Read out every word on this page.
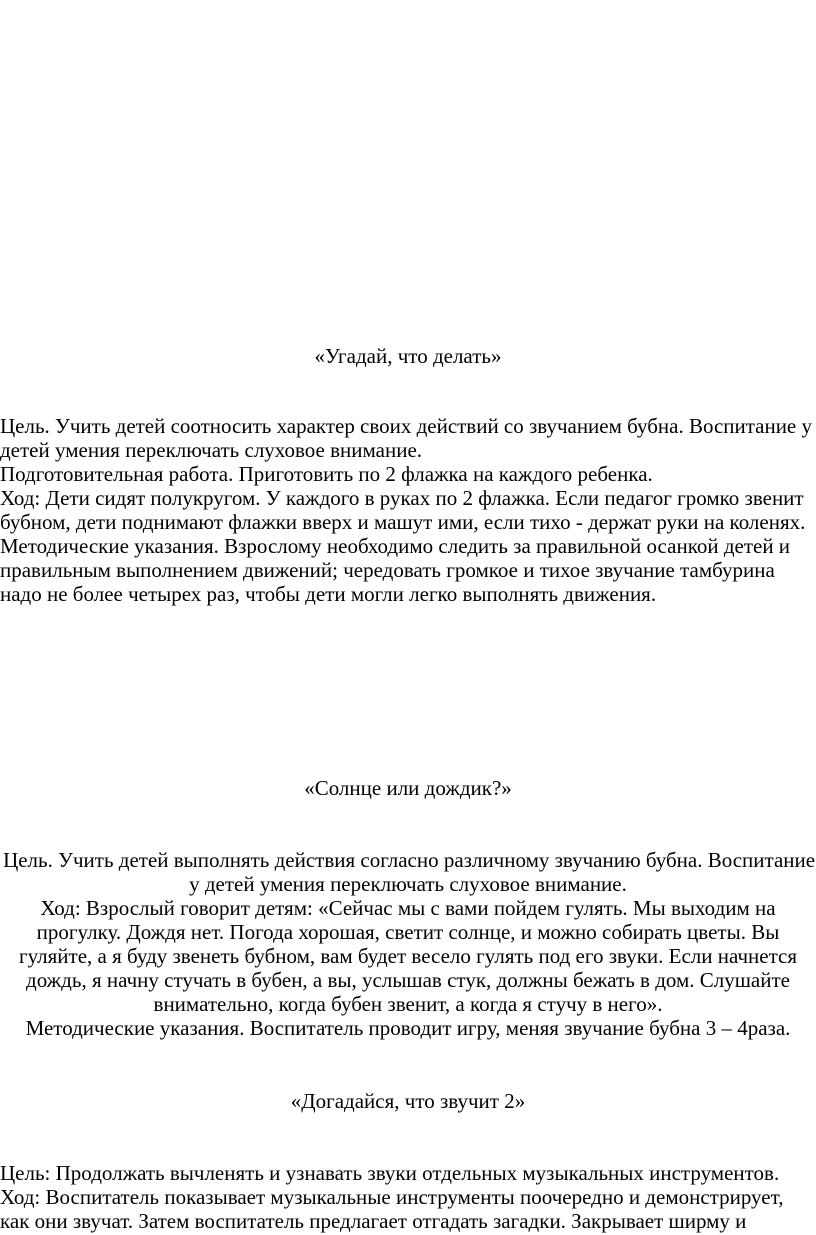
«Угадай, что делать»
Цель. Учить детей соотносить характер своих действий со звучанием бубна. Воспитание у
детей умения переключать слуховое внимание.
Подготовительная работа. Приготовить по 2 флажка на каждого ребенка.
Ход: Дети сидят полукругом. У каждого в руках по 2 флажка. Если педагог громко звенит
бубном, дети поднимают флажки вверх и машут ими, если тихо - держат руки на коленях.
Методические указания. Взрослому необходимо следить за правильной осанкой детей и
правильным выполнением движений; чередовать громкое и тихое звучание тамбурина
надо не более четырех раз, чтобы дети могли легко выполнять движения.
«Солнце или дождик?»
Цель. Учить детей выполнять действия согласно различному звучанию бубна. Воспитание
у детей умения переключать слуховое внимание.
Ход: Взрослый говорит детям: «Сейчас мы с вами пойдем гулять. Мы выходим на
прогулку. Дождя нет. Погода хорошая, светит солнце, и можно собирать цветы. Вы
гуляйте, а я буду звенеть бубном, вам будет весело гулять под его звуки. Если начнется
дождь, я начну стучать в бубен, а вы, услышав стук, должны бежать в дом. Слушайте
внимательно, когда бубен звенит, а когда я стучу в него».
Методические указания. Воспитатель проводит игру, меняя звучание бубна 3 – 4раза.
«Догадайся, что звучит 2»
Цель: Продолжать вычленять и узнавать звуки отдельных музыкальных инструментов.
Ход: Воспитатель показывает музыкальные инструменты поочередно и демонстрирует,
как они звучат. Затем воспитатель предлагает отгадать загадки. Закрывает ширму и
